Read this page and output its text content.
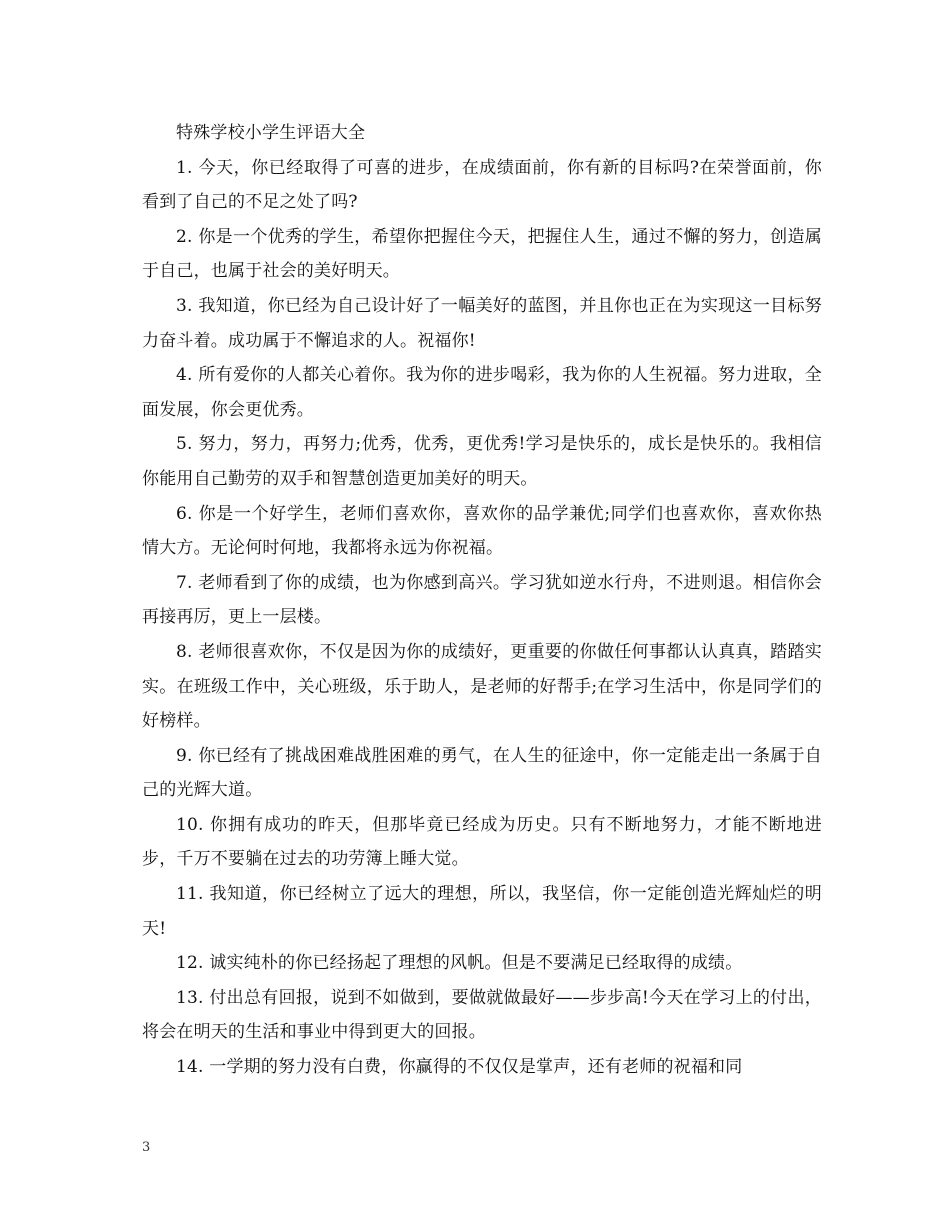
特殊学校小学生评语大全

1. 今天，你已经取得了可喜的进步，在成绩面前，你有新的目标吗?在荣誉面前，你看到了自己的不足之处了吗?

2. 你是一个优秀的学生，希望你把握住今天，把握住人生，通过不懈的努力，创造属于自己，也属于社会的美好明天。

3. 我知道，你已经为自己设计好了一幅美好的蓝图，并且你也正在为实现这一目标努力奋斗着。成功属于不懈追求的人。祝福你!

4. 所有爱你的人都关心着你。我为你的进步喝彩，我为你的人生祝福。努力进取，全面发展，你会更优秀。

5. 努力，努力，再努力;优秀，优秀，更优秀!学习是快乐的，成长是快乐的。我相信你能用自己勤劳的双手和智慧创造更加美好的明天。

6. 你是一个好学生，老师们喜欢你，喜欢你的品学兼优;同学们也喜欢你，喜欢你热情大方。无论何时何地，我都将永远为你祝福。

7. 老师看到了你的成绩，也为你感到高兴。学习犹如逆水行舟，不进则退。相信你会再接再厉，更上一层楼。

8. 老师很喜欢你，不仅是因为你的成绩好，更重要的你做任何事都认认真真，踏踏实实。在班级工作中，关心班级，乐于助人，是老师的好帮手;在学习生活中，你是同学们的好榜样。

9. 你已经有了挑战困难战胜困难的勇气，在人生的征途中，你一定能走出一条属于自己的光辉大道。

10. 你拥有成功的昨天，但那毕竟已经成为历史。只有不断地努力，才能不断地进步，千万不要躺在过去的功劳簿上睡大觉。

11. 我知道，你已经树立了远大的理想，所以，我坚信，你一定能创造光辉灿烂的明天!

12. 诚实纯朴的你已经扬起了理想的风帆。但是不要满足已经取得的成绩。

13. 付出总有回报，说到不如做到，要做就做最好——步步高!今天在学习上的付出，将会在明天的生活和事业中得到更大的回报。

14. 一学期的努力没有白费，你赢得的不仅仅是掌声，还有老师的祝福和同

3
